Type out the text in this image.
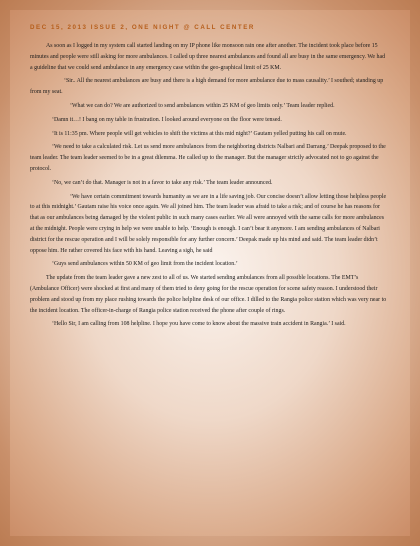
DEC 15, 2013 ISSUE 2, ONE NIGHT @ CALL CENTER

As soon as I logged in my system call started landing on my IP phone like monsoon rain one after another. The incident took place before 15 minutes and people were still asking for more ambulances. I called up three nearest ambulances and found all are busy in the same emergency. We had a guideline that we could send ambulance in any emergency case within the geo-graphical limit of 25 KM.

‘Sir.. All the nearest ambulances are busy and there is a high demand for more ambulance due to mass causality.’ I southed; standing up from my seat.

‘What we can do? We are authorized to send ambulances within 25 KM of geo limits only.’ Team leader replied.

‘Damn it…! I bang on my table in frustration. I looked around everyone on the floor were tensed.

‘It is 11:35 pm. Where people will get vehicles to shift the victims at this mid night?’ Gautam yelled putting his call on mute.

‘We need to take a calculated risk. Let us send more ambulances from the neighboring districts Nalbari and Darrang.’ Deepak proposed to the team leader. The team leader seemed to be in a great dilemma. He called up to the manager. But the manager strictly advocated not to go against the protocol.

‘No, we can’t do that. Manager is not in a favor to take any risk.’ The team leader announced.

‘We have certain commitment towards humanity as we are in a life saving job. Our concise doesn’t allow letting those helpless people to at this midnight.’ Gautam raise his voice once again. We all joined him. The team leader was afraid to take a risk; and of course he has reasons for that as our ambulances being damaged by the violent public in such many cases earlier. We all were annoyed with the same calls for more ambulances at the midnight. People were crying in help we were unable to help. ‘Enough is enough. I can’t bear it anymore. I am sending ambulances of Nalbari district for the rescue operation and I will be solely responsible for any further concern.’ Deepak made up his mind and said. The team leader didn’t oppose him. He rather covered his face with his hand. Leaving a sigh, he said

‘Guys send ambulances within 50 KM of geo limit from the incident location.’

The update from the team leader gave a new zest to all of us. We started sending ambulances from all possible locations. The EMT’s (Ambulance Officer) were shocked at first and many of them tried to deny going for the rescue operation for scene safety reason. I understood their problem and stood up from my place rushing towards the police helpline desk of our office. I dilled to the Rangia police station which was very near to the incident location. The officer-in-charge of Rangia police station received the phone after couple of rings.

‘Hello Sir, I am calling from 108 helpline. I hope you have come to know about the massive train accident in Rangia.’ I said.
